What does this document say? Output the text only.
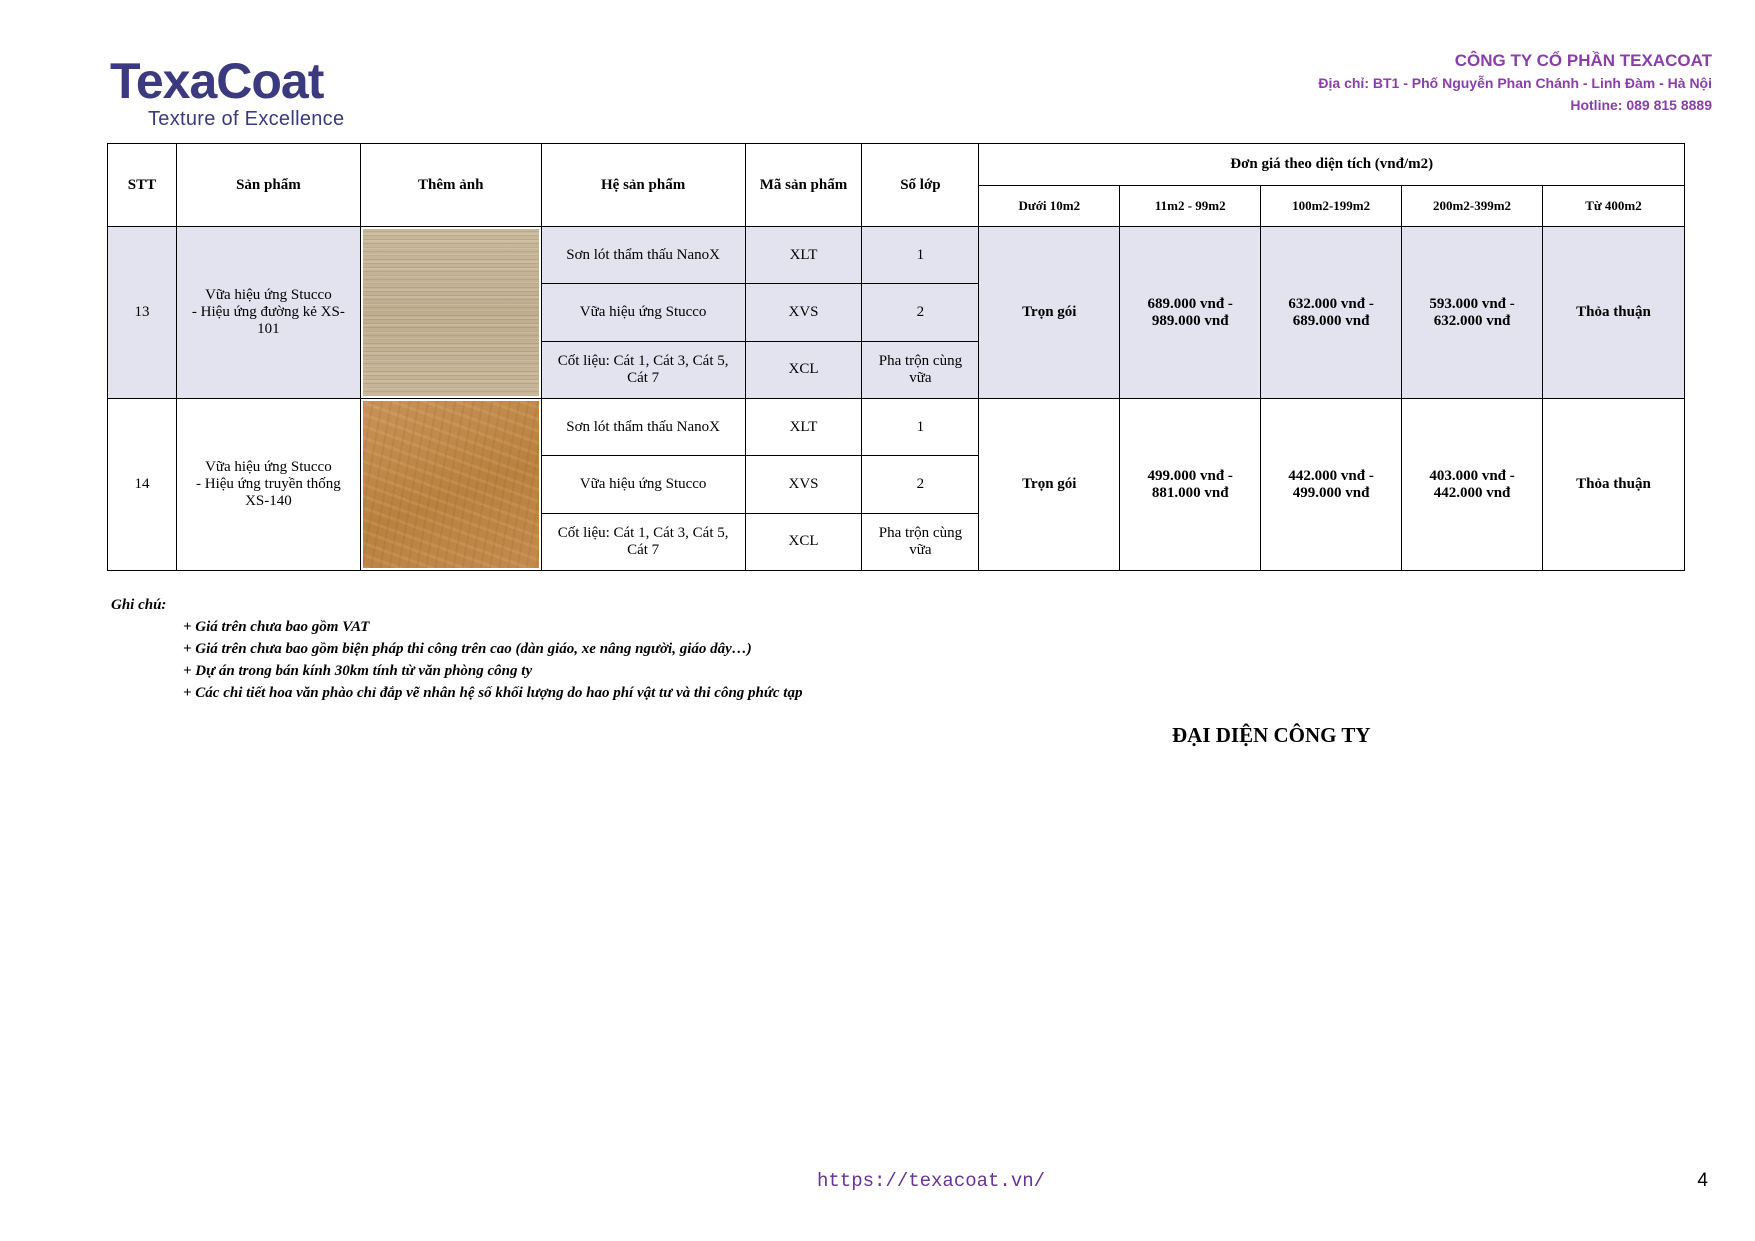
Te x aCoat
Texture of Excellence
CÔNG TY CỔ PHẦN TEXACOAT
Địa chỉ: BT1 - Phố Nguyễn Phan Chánh - Linh Đàm - Hà Nội
Hotline: 089 815 8889
STT	Sản phẩm	Thêm ảnh	Hệ sản phẩm	Mã sản phẩm	Số lớp	Đơn giá theo diện tích (vnđ/m2)				
						Dưới 10m2	11m2 - 99m2	100m2-199m2	200m2-399m2	Từ 400m2
13	Vữa hiệu ứng Stucco
- Hiệu ứng đường kẻ XS-101		Sơn lót thẩm thấu NanoX	XLT	1	Trọn gói	689.000 vnđ - 989.000 vnđ	632.000 vnđ - 689.000 vnđ	593.000 vnđ - 632.000 vnđ	Thỏa thuận
			Vữa hiệu ứng Stucco	XVS	2					
			Cốt liệu: Cát 1, Cát 3, Cát 5, Cát 7	XCL	Pha trộn cùng vữa					
14	Vữa hiệu ứng Stucco
- Hiệu ứng truyền thống XS-140		Sơn lót thẩm thấu NanoX	XLT	1	Trọn gói	499.000 vnđ - 881.000 vnđ	442.000 vnđ - 499.000 vnđ	403.000 vnđ - 442.000 vnđ	Thỏa thuận
			Vữa hiệu ứng Stucco	XVS	2					
			Cốt liệu: Cát 1, Cát 3, Cát 5, Cát 7	XCL	Pha trộn cùng vữa					
Ghi chú:
+ Giá trên chưa bao gồm VAT
+ Giá trên chưa bao gồm biện pháp thi công trên cao (dàn giáo, xe nâng người, giáo dây…)
+ Dự án trong bán kính 30km tính từ văn phòng công ty
+ Các chi tiết hoa văn phào chỉ đắp vẽ nhân hệ số khối lượng do hao phí vật tư và thi công phức tạp
ĐẠI DIỆN CÔNG TY
https://texacoat.vn/	4
